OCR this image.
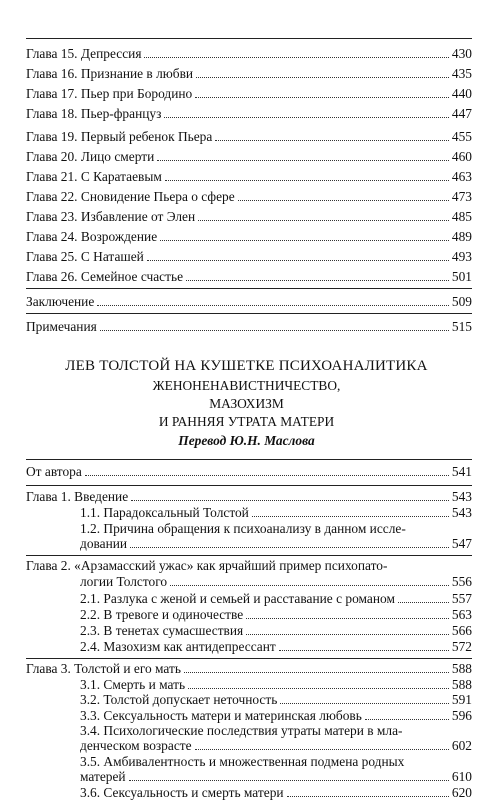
Глава 15. Депрессия	430
Глава 16. Признание в любви	435
Глава 17. Пьер при Бородино	440
Глава 18. Пьер-француз	447
Глава 19. Первый ребенок Пьера	455
Глава 20. Лицо смерти	460
Глава 21. С Каратаевым	463
Глава 22. Сновидение Пьера о сфере	473
Глава 23. Избавление от Элен	485
Глава 24. Возрождение	489
Глава 25. С Наташей	493
Глава 26. Семейное счастье	501
Заключение	509
Примечания	515
ЛЕВ ТОЛСТОЙ НА КУШЕТКЕ ПСИХОАНАЛИТИКА
ЖЕНОНЕНАВИСТНИЧЕСТВО,
МАЗОХИЗМ
И РАННЯЯ УТРАТА МАТЕРИ
Перевод Ю.Н. Маслова
От автора	541
Глава 1. Введение	543
1.1. Парадоксальный Толстой	543
1.2. Причина обращения к психоанализу в данном иссле-
довании	547
Глава 2. «Арзамасский ужас» как ярчайший пример психопато-
логии Толстого	556
2.1. Разлука с женой и семьей и расставание с романом	557
2.2. В тревоге и одиночестве	563
2.3. В тенетах сумасшествия	566
2.4. Мазохизм как антидепрессант	572
Глава 3. Толстой и его мать	588
3.1. Смерть и мать	588
3.2. Толстой допускает неточность	591
3.3. Сексуальность матери и материнская любовь	596
3.4. Психологические последствия утраты матери в мла-
денческом возрасте	602
3.5. Амбивалентность и множественная подмена родных
матерей	610
3.6. Сексуальность и смерть матери	620
